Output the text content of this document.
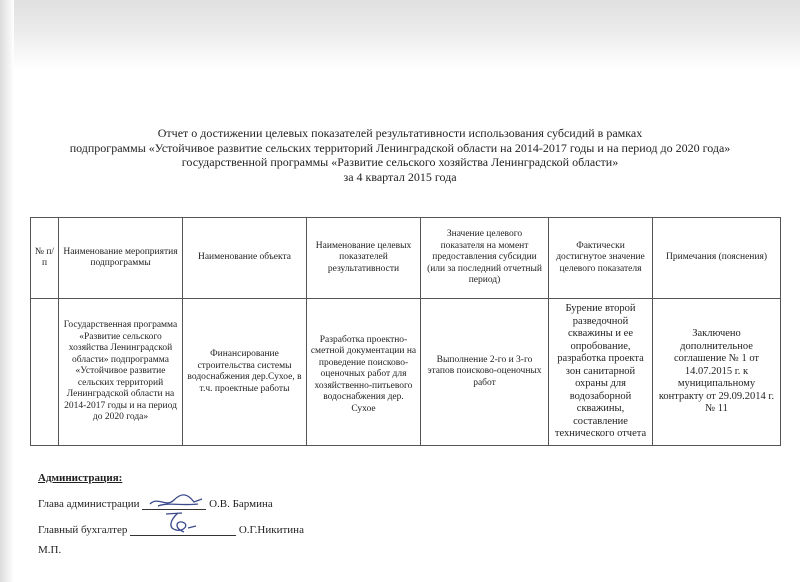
Отчет о достижении целевых показателей результативности использования субсидий в рамках
подпрограммы «Устойчивое развитие сельских территорий Ленинградской области на 2014-2017 годы и на период до 2020 года»
государственной программы «Развитие сельского хозяйства Ленинградской области»
за 4 квартал 2015 года
№ п/п	Наименование мероприятия подпрограммы	Наименование объекта	Наименование целевых показателей результативности	Значение целевого показателя на момент предоставления субсидии (или за последний отчетный период)	Фактически достигнутое значение целевого показателя	Примечания (пояснения)
	Государственная программа «Развитие сельского хозяйства Ленинградской области» подпрограмма «Устойчивое развитие сельских территорий Ленинградской области на 2014-2017 годы и на период до 2020 года»	Финансирование строительства системы водоснабжения дер.Сухое, в т.ч. проектные работы	Разработка проектно-сметной документации на проведение поисково-оценочных работ для хозяйственно-питьевого водоснабжения дер. Сухое	Выполнение 2-го и 3-го этапов поисково-оценочных работ	Бурение второй разведочной скважины и ее опробование, разработка проекта зон санитарной охраны для водозаборной скважины, составление технического отчета	Заключено дополнительное соглашение № 1 от 14.07.2015 г. к муниципальному контракту от 29.09.2014 г. № 11
Администрация:
Глава администрации	О.В. Бармина
Главный бухгалтер	О.Г.Никитина
М.П.
